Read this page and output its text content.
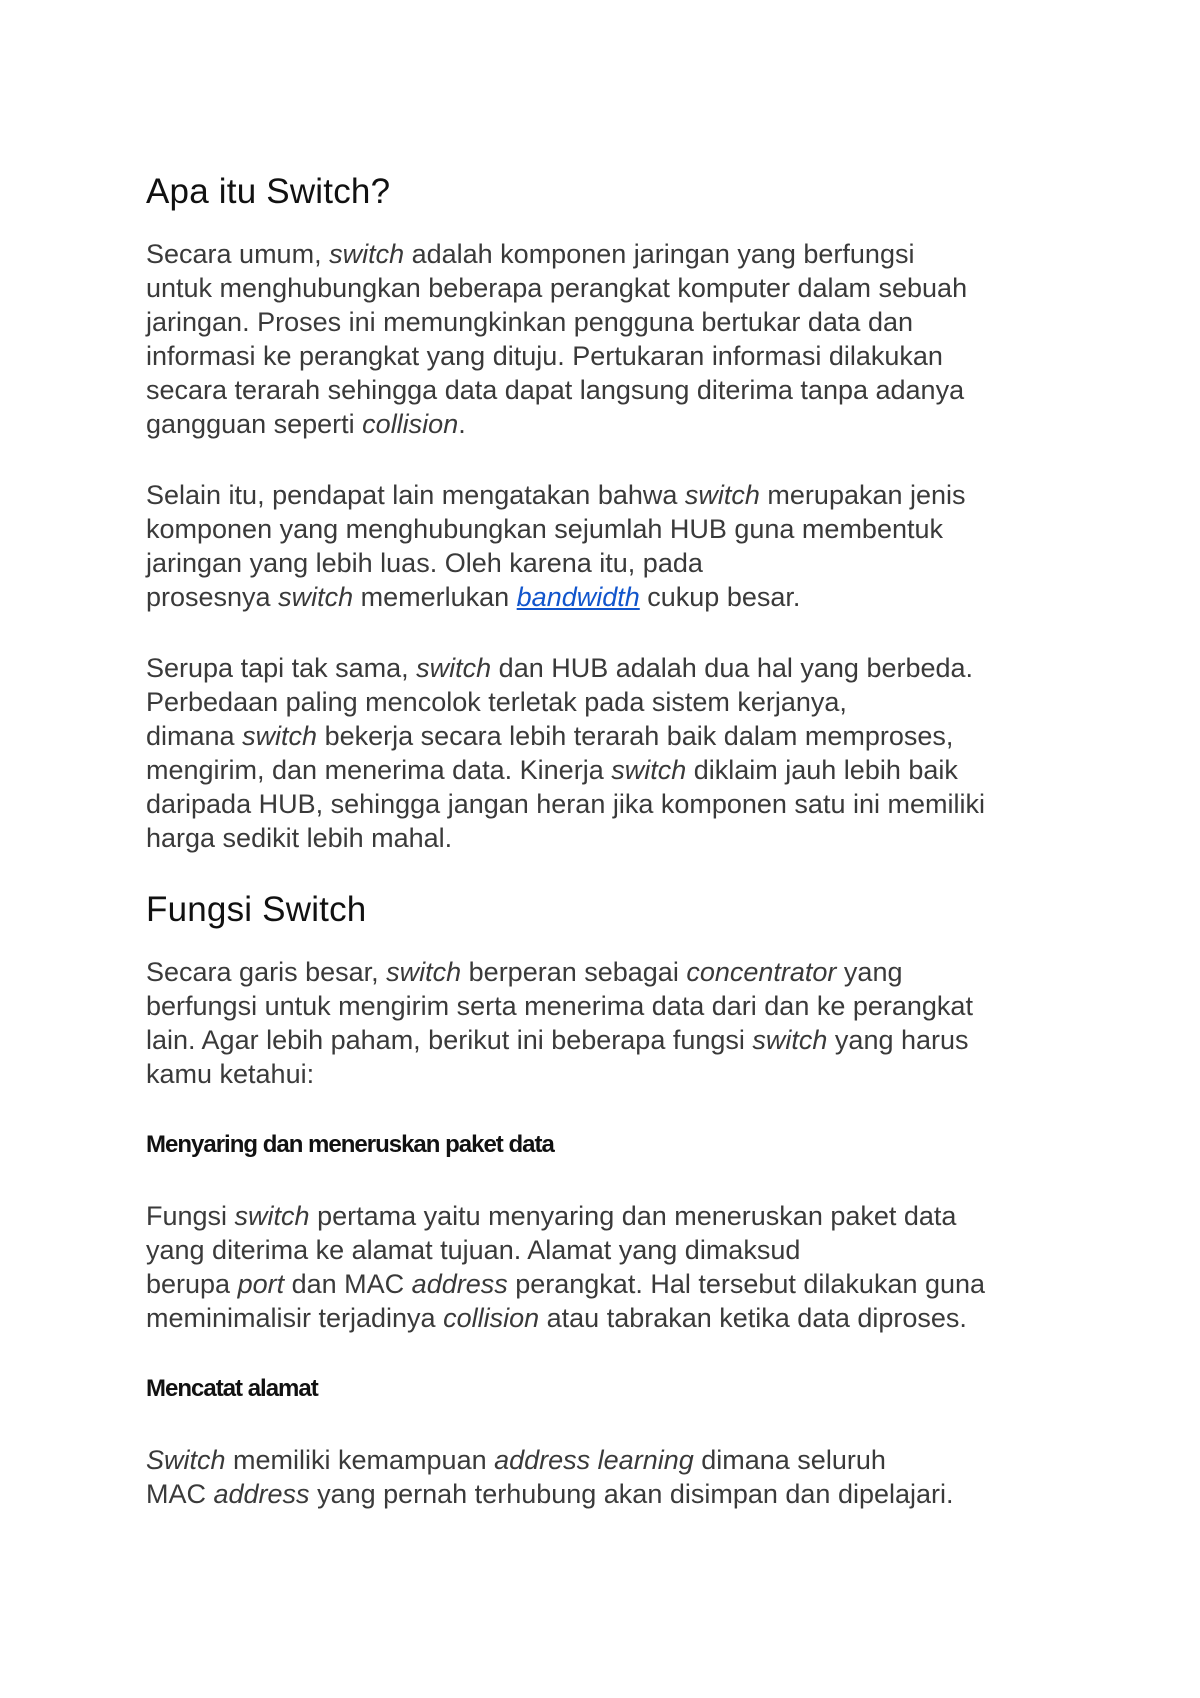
Apa itu Switch?

Secara umum, switch adalah komponen jaringan yang berfungsi

untuk menghubungkan beberapa perangkat komputer dalam sebuah

jaringan. Proses ini memungkinkan pengguna bertukar data dan

informasi ke perangkat yang dituju. Pertukaran informasi dilakukan

secara terarah sehingga data dapat langsung diterima tanpa adanya

gangguan seperti collision.

Selain itu, pendapat lain mengatakan bahwa switch merupakan jenis

komponen yang menghubungkan sejumlah HUB guna membentuk

jaringan yang lebih luas. Oleh karena itu, pada

prosesnya switch memerlukan bandwidth cukup besar.

Serupa tapi tak sama, switch dan HUB adalah dua hal yang berbeda.

Perbedaan paling mencolok terletak pada sistem kerjanya,

dimana switch bekerja secara lebih terarah baik dalam memproses,

mengirim, dan menerima data. Kinerja switch diklaim jauh lebih baik

daripada HUB, sehingga jangan heran jika komponen satu ini memiliki

harga sedikit lebih mahal.

Fungsi Switch

Secara garis besar, switch berperan sebagai concentrator yang

berfungsi untuk mengirim serta menerima data dari dan ke perangkat

lain. Agar lebih paham, berikut ini beberapa fungsi switch yang harus

kamu ketahui:

Menyaring dan meneruskan paket data

Fungsi switch pertama yaitu menyaring dan meneruskan paket data

yang diterima ke alamat tujuan. Alamat yang dimaksud

berupa port dan MAC address perangkat. Hal tersebut dilakukan guna

meminimalisir terjadinya collision atau tabrakan ketika data diproses.

Mencatat alamat

Switch memiliki kemampuan address learning dimana seluruh

MAC address yang pernah terhubung akan disimpan dan dipelajari.
